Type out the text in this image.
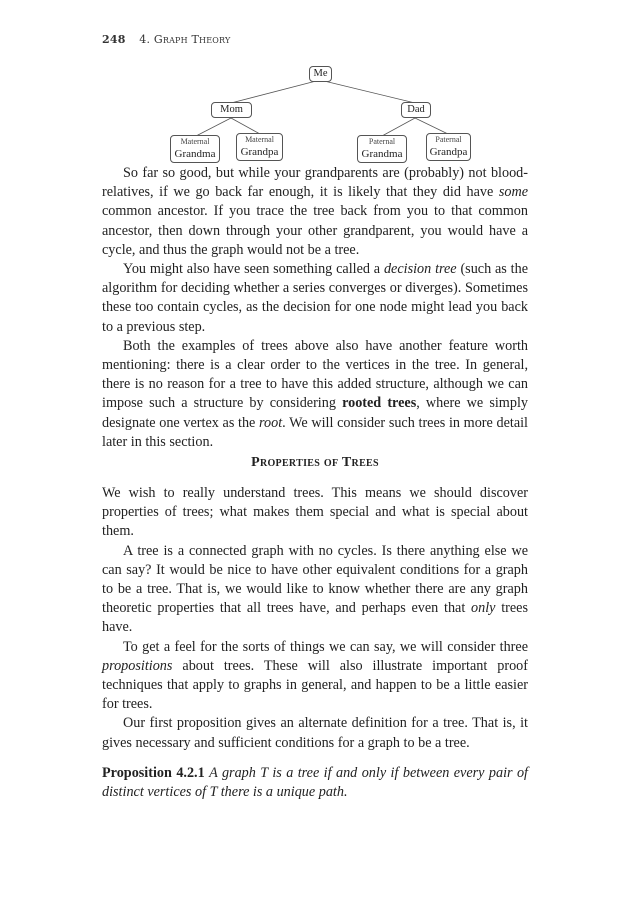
248 4. Graph Theory
Me
Mom	Dad
Maternal
Grandma
Maternal
Grandpa
Paternal
Grandma
Paternal
Grandpa

So far so good, but while your grandparents are (probably) not blood-relatives, if we go back far enough, it is likely that they did have some common ancestor. If you trace the tree back from you to that common ancestor, then down through your other grandparent, you would have a cycle, and thus the graph would not be a tree.

You might also have seen something called a decision tree (such as the algorithm for deciding whether a series converges or diverges). Sometimes these too contain cycles, as the decision for one node might lead you back to a previous step.

Both the examples of trees above also have another feature worth mentioning: there is a clear order to the vertices in the tree. In general, there is no reason for a tree to have this added structure, although we can impose such a structure by considering rooted trees, where we simply designate one vertex as the root. We will consider such trees in more detail later in this section.

Properties of Trees

We wish to really understand trees. This means we should discover properties of trees; what makes them special and what is special about them.

A tree is a connected graph with no cycles. Is there anything else we can say? It would be nice to have other equivalent conditions for a graph to be a tree. That is, we would like to know whether there are any graph theoretic properties that all trees have, and perhaps even that only trees have.

To get a feel for the sorts of things we can say, we will consider three propositions about trees. These will also illustrate important proof techniques that apply to graphs in general, and happen to be a little easier for trees.

Our first proposition gives an alternate definition for a tree. That is, it gives necessary and sufficient conditions for a graph to be a tree.

Proposition 4.2.1 A graph T is a tree if and only if between every pair of distinct vertices of T there is a unique path.
